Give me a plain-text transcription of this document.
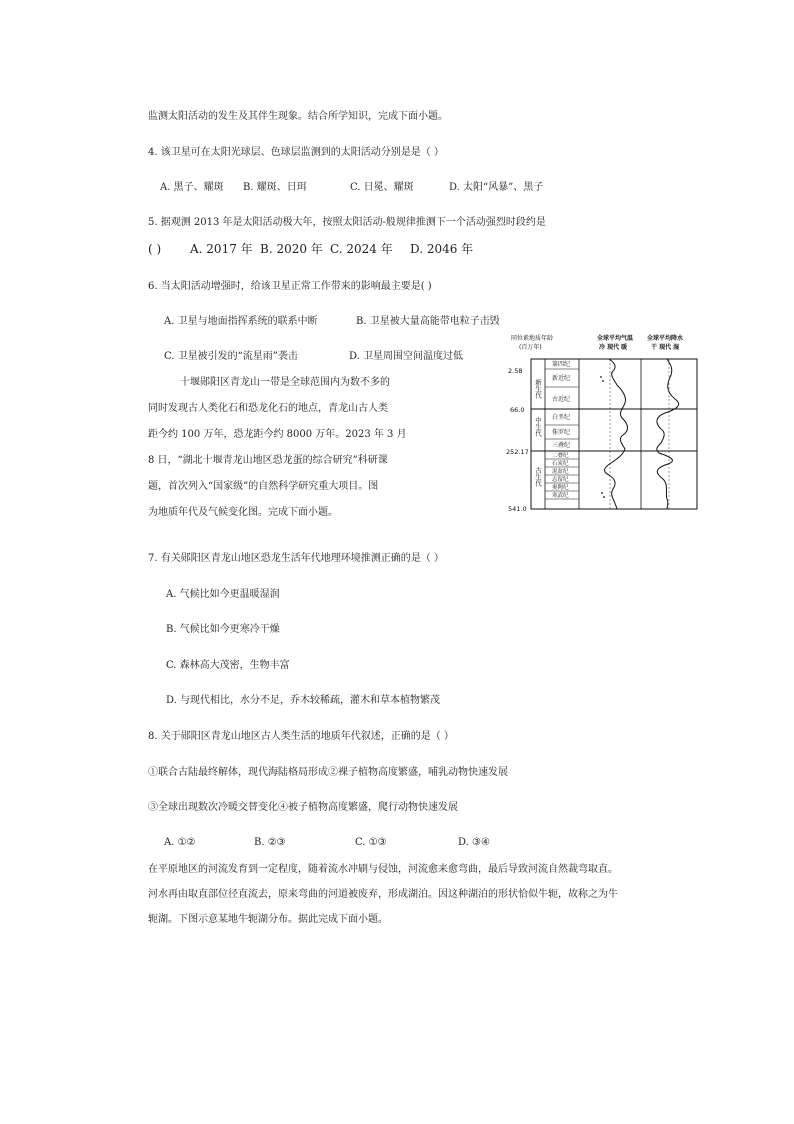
监测太阳活动的发生及其伴生现象。结合所学知识，完成下面小题。
4. 该卫星可在太阳光球层、色球层监测到的太阳活动分别是是（ ）
A. 黑子、耀斑 B. 耀斑、日珥	C. 日冕、耀斑	D. 太阳“风暴”、黑子
5. 据观测 2013 年是太阳活动极大年，按照太阳活动-般规律推测下一个活动强烈时段约是
( ) A. 2017 年 B. 2020 年 C. 2024 年 D. 2046 年
6. 当太阳活动增强时，给该卫星正常工作带来的影响最主要是( )
A. 卫星与地面指挥系统的联系中断	B. 卫星被大量高能带电粒子击毁
C. 卫星被引发的“流星雨”袭击	D. 卫星周围空间温度过低
十堰郧阳区青龙山一带是全球范围内为数不多的
同时发现古人类化石和恐龙化石的地点，青龙山古人类
距今约 100 万年，恐龙距今约 8000 万年。2023 年 3 月
8 日，“湖北十堰青龙山地区恐龙蛋的综合研究”科研课
题，首次列入“国家级”的自然科学研究重大项目。图
为地质年代及气候变化图。完成下面小题。
同位素地质年龄
(百万年)
全球平均气温
冷 现代 暖
全球平均降水
干 现代 湿
2.58
66.0
252.17
541.0
新生代
中生代
古生代
第四纪
新近纪
古近纪
白垩纪
侏罗纪
三叠纪
二叠纪
石炭纪
泥盆纪
志留纪
奥陶纪
寒武纪
7. 有关郧阳区青龙山地区恐龙生活年代地理环境推测正确的是（ ）
A. 气候比如今更温暖湿润
B. 气候比如今更寒冷干燥
C. 森林高大茂密，生物丰富
D. 与现代相比，水分不足，乔木较稀疏，灌木和草本植物繁茂
8. 关于郧阳区青龙山地区古人类生活的地质年代叙述，正确的是（ ）
①联合古陆最终解体，现代海陆格局形成②裸子植物高度繁盛，哺乳动物快速发展
③全球出现数次冷暖交替变化④被子植物高度繁盛，爬行动物快速发展
A. ①②	B. ②③	C. ①③	D. ③④
在平原地区的河流发育到一定程度，随着流水冲刷与侵蚀，河流愈来愈弯曲，最后导致河流自然裁弯取直。
河水再由取直部位径直流去，原来弯曲的河道被废弃，形成湖泊。因这种湖泊的形状恰似牛轭，故称之为牛
轭湖。下图示意某地牛轭湖分布。据此完成下面小题。
